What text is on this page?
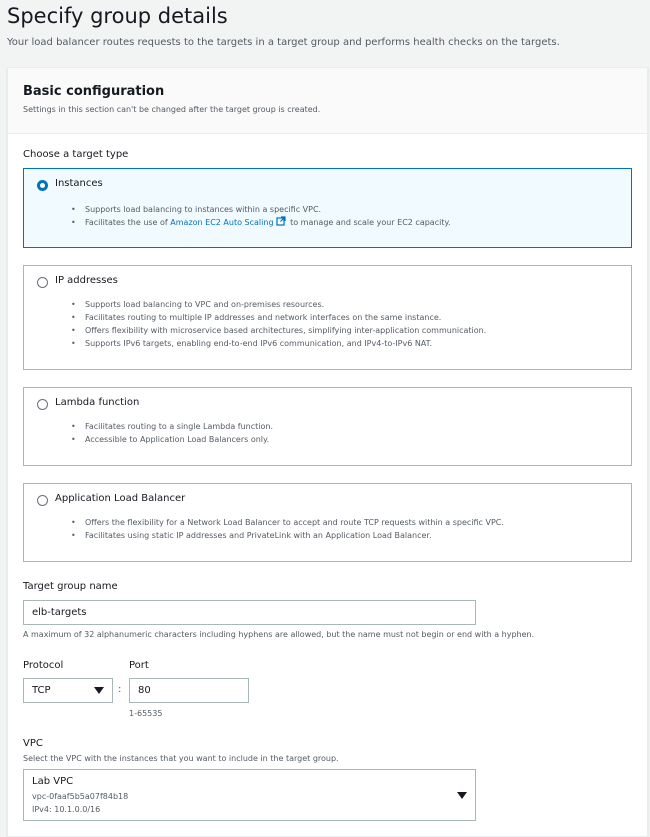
Specify group details

Your load balancer routes requests to the targets in a target group and performs health checks on the targets.

Basic configuration
Settings in this section can't be changed after the target group is created.
Choose a target type
Instances
• Supports load balancing to instances within a specific VPC.
• Facilitates the use of Amazon EC2 Auto Scaling to manage and scale your EC2 capacity.
IP addresses
• Supports load balancing to VPC and on-premises resources.
• Facilitates routing to multiple IP addresses and network interfaces on the same instance.
• Offers flexibility with microservice based architectures, simplifying inter-application communication.
• Supports IPv6 targets, enabling end-to-end IPv6 communication, and IPv4-to-IPv6 NAT.
Lambda function
• Facilitates routing to a single Lambda function.
• Accessible to Application Load Balancers only.
Application Load Balancer
• Offers the flexibility for a Network Load Balancer to accept and route TCP requests within a specific VPC.
• Facilitates using static IP addresses and PrivateLink with an Application Load Balancer.
Target group name
elb-targets
A maximum of 32 alphanumeric characters including hyphens are allowed, but the name must not begin or end with a hyphen.
Protocol
TCP	:
Port
80
1-65535
VPC
Select the VPC with the instances that you want to include in the target group.
Lab VPC
vpc-0faaf5b5a07f84b18
IPv4: 10.1.0.0/16
